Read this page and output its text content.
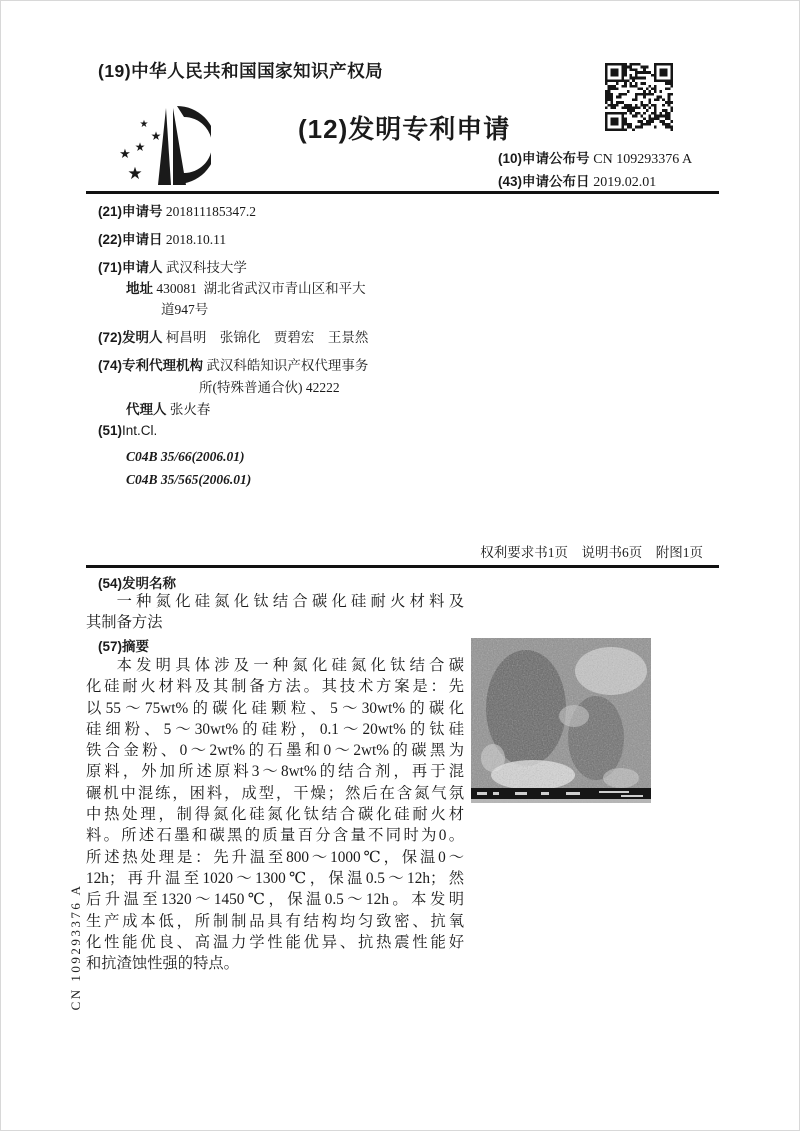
(19)中华人民共和国国家知识产权局
★
★
★
★
★
(12)发明专利申请
(10)申请公布号 CN 109293376 A
(43)申请公布日 2019.02.01
(21)申请号 201811185347.2
(22)申请日 2018.10.11
(71)申请人 武汉科技大学
地址 430081  湖北省武汉市青山区和平大
道947号
(72)发明人 柯昌明　张锦化　贾碧宏　王景然
(74)专利代理机构 武汉科皓知识产权代理事务
所(特殊普通合伙) 42222
代理人 张火春
(51)Int.Cl.
C04B 35/66(2006.01)
C04B 35/565(2006.01)
权利要求书1页　说明书6页　附图1页
(54)发明名称
一种氮化硅氮化钛结合碳化硅耐火材料及
其制备方法
(57)摘要
本发明具体涉及一种氮化硅氮化钛结合碳
化硅耐火材料及其制备方法。其技术方案是：先
以55～75wt%的碳化硅颗粒、5～30wt%的碳化
硅细粉、5～30wt%的硅粉，0.1～20wt%的钛硅
铁合金粉、0～2wt%的石墨和0～2wt%的碳黑为
原料，外加所述原料3～8wt%的结合剂，再于混
碾机中混练，困料，成型，干燥；然后在含氮气氛
中热处理，制得氮化硅氮化钛结合碳化硅耐火材
料。所述石墨和碳黑的质量百分含量不同时为0。
所述热处理是：先升温至800～1000℃，保温0～
12h；再升温至1020～1300℃，保温0.5～12h；然
后升温至1320～1450℃，保温0.5～12h。本发明
生产成本低，所制制品具有结构均匀致密、抗氧
化性能优良、高温力学性能优异、抗热震性能好
和抗渣蚀性强的特点。
CN 109293376 A
